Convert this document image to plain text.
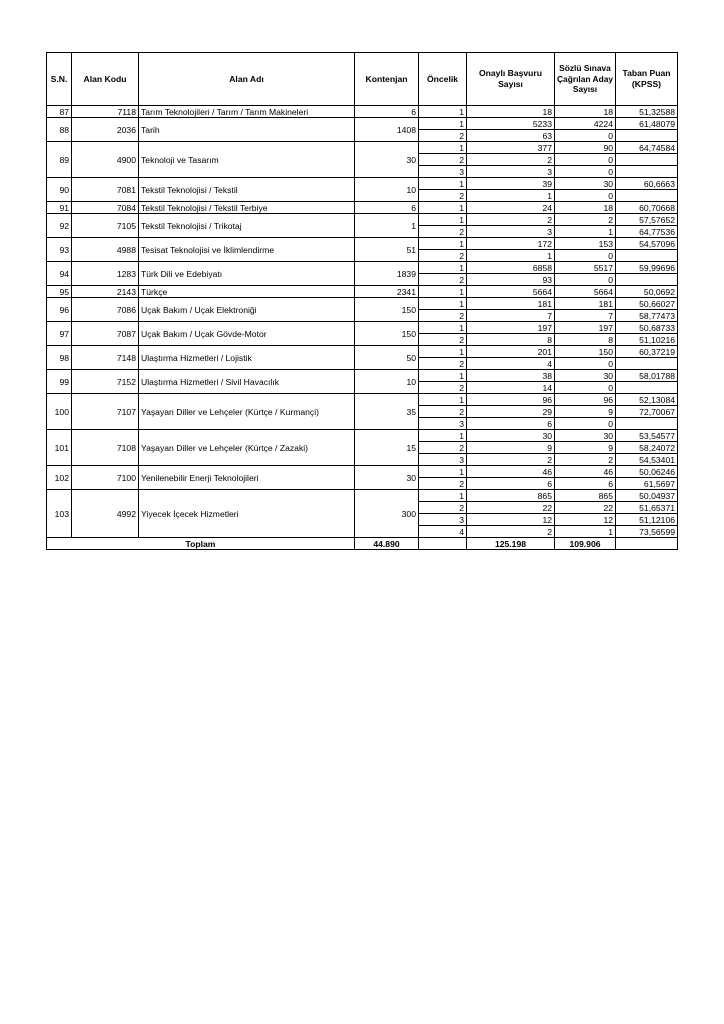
S.N.	Alan Kodu	Alan Adı	Kontenjan	Öncelik	Onaylı Başvuru Sayısı	Sözlü Sınava Çağrılan Aday Sayısı	Taban Puan (KPSS)
87	7118	Tarım Teknolojileri / Tarım / Tarım Makineleri	6	1	18	18	51,32588
88	2036	Tarih	1408	1	5233	4224	61,48079
				2	63	0	
89	4900	Teknoloji ve Tasarım	30	1	377	90	64,74584
				2	2	0	
				3	3	0	
90	7081	Tekstil Teknolojisi / Tekstil	10	1	39	30	60,6663
				2	1	0	
91	7084	Tekstil Teknolojisi / Tekstil Terbiye	6	1	24	18	60,70668
92	7105	Tekstil Teknolojisi / Trikotaj	1	1	2	2	57,57652
				2	3	1	64,77536
93	4988	Tesisat Teknolojisi ve İklimlendirme	51	1	172	153	54,57096
				2	1	0	
94	1283	Türk Dili ve Edebiyatı	1839	1	6858	5517	59,99696
				2	93	0	
95	2143	Türkçe	2341	1	5664	5664	50,0692
96	7086	Uçak Bakım / Uçak Elektroniği	150	1	181	181	50,66027
				2	7	7	58,77473
97	7087	Uçak Bakım / Uçak Gövde-Motor	150	1	197	197	50,68733
				2	8	8	51,10216
98	7148	Ulaştırma Hizmetleri / Lojistik	50	1	201	150	60,37219
				2	4	0	
99	7152	Ulaştırma Hizmetleri / Sivil Havacılık	10	1	38	30	58,01788
				2	14	0	
100	7107	Yaşayan Diller ve Lehçeler (Kürtçe / Kurmançi)	35	1	96	96	52,13084
				2	29	9	72,70067
				3	6	0	
101	7108	Yaşayan Diller ve Lehçeler (Kürtçe / Zazaki)	15	1	30	30	53,54577
				2	9	9	58,24072
				3	2	2	54,53401
102	7100	Yenilenebilir Enerji Teknolojileri	30	1	46	46	50,06246
				2	6	6	61,5697
103	4992	Yiyecek İçecek Hizmetleri	300	1	865	865	50,04937
				2	22	22	51,65371
				3	12	12	51,12106
				4	2	1	73,56599
Toplam			44.890		125.198	109.906	
